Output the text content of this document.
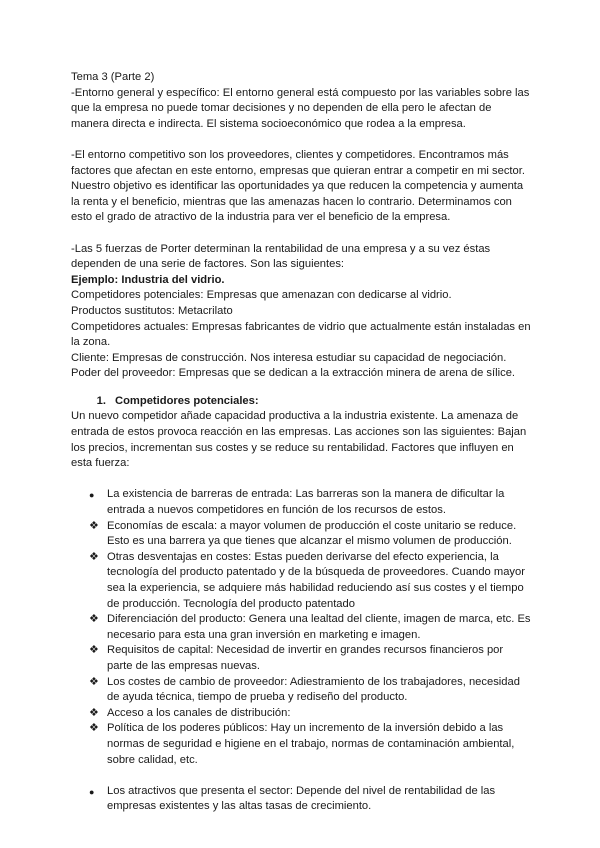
Tema 3 (Parte 2)

-Entorno general y específico: El entorno general está compuesto por las variables sobre las que la empresa no puede tomar decisiones y no dependen de ella pero le afectan de manera directa e indirecta. El sistema socioeconómico que rodea a la empresa.

-El entorno competitivo son los proveedores, clientes y competidores. Encontramos más factores que afectan en este entorno, empresas que quieran entrar a competir en mi sector. Nuestro objetivo es identificar las oportunidades ya que reducen la competencia y aumenta la renta y el beneficio, mientras que las amenazas hacen lo contrario. Determinamos con esto el grado de atractivo de la industria para ver el beneficio de la empresa.

-Las 5 fuerzas de Porter determinan la rentabilidad de una empresa y a su vez éstas dependen de una serie de factores. Son las siguientes:

Ejemplo: Industria del vidrio.

Competidores potenciales: Empresas que amenazan con dedicarse al vidrio.

Productos sustitutos: Metacrilato

Competidores actuales: Empresas fabricantes de vidrio que actualmente están instaladas en la zona.

Cliente: Empresas de construcción. Nos interesa estudiar su capacidad de negociación.

Poder del proveedor: Empresas que se dedican a la extracción minera de arena de sílice.

1. Competidores potenciales:

Un nuevo competidor añade capacidad productiva a la industria existente. La amenaza de entrada de estos provoca reacción en las empresas. Las acciones son las siguientes: Bajan los precios, incrementan sus costes y se reduce su rentabilidad. Factores que influyen en esta fuerza:

●	La existencia de barreras de entrada: Las barreras son la manera de dificultar la entrada a nuevos competidores en función de los recursos de estos.
❖ Economías de escala: a mayor volumen de producción el coste unitario se reduce. Esto es una barrera ya que tienes que alcanzar el mismo volumen de producción.
❖ Otras desventajas en costes: Estas pueden derivarse del efecto experiencia, la tecnología del producto patentado y de la búsqueda de proveedores. Cuando mayor sea la experiencia, se adquiere más habilidad reduciendo así sus costes y el tiempo de producción. Tecnología del producto patentado
❖ Diferenciación del producto: Genera una lealtad del cliente, imagen de marca, etc. Es necesario para esta una gran inversión en marketing e imagen.
❖ Requisitos de capital: Necesidad de invertir en grandes recursos financieros por parte de las empresas nuevas.
❖ Los costes de cambio de proveedor: Adiestramiento de los trabajadores, necesidad de ayuda técnica, tiempo de prueba y rediseño del producto.
❖ Acceso a los canales de distribución:
❖ Política de los poderes públicos: Hay un incremento de la inversión debido a las normas de seguridad e higiene en el trabajo, normas de contaminación ambiental, sobre calidad, etc.
●	Los atractivos que presenta el sector: Depende del nivel de rentabilidad de las empresas existentes y las altas tasas de crecimiento.
